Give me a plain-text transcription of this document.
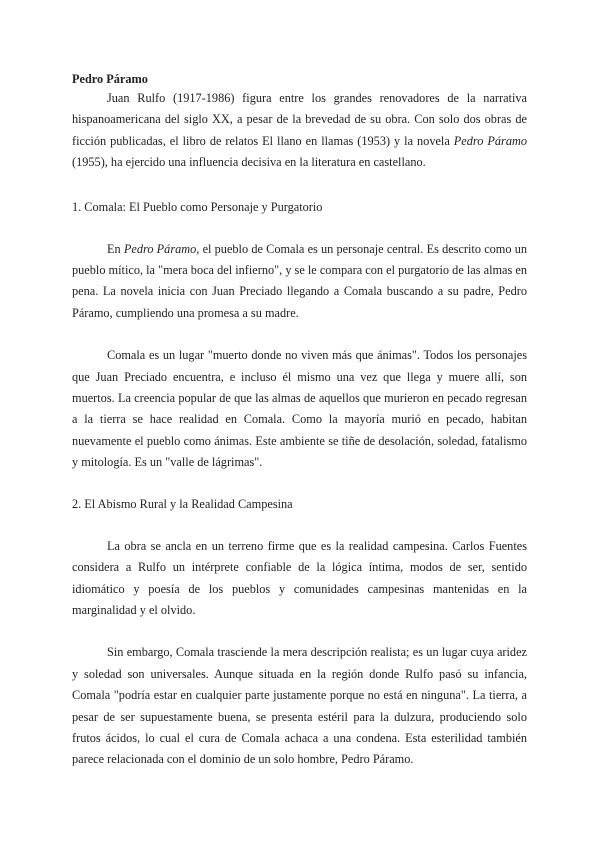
Pedro Páramo

Juan Rulfo (1917-1986) figura entre los grandes renovadores de la narrativa hispanoamericana del siglo XX, a pesar de la brevedad de su obra. Con solo dos obras de ficción publicadas, el libro de relatos El llano en llamas (1953) y la novela Pedro Páramo (1955), ha ejercido una influencia decisiva en la literatura en castellano.

1. Comala: El Pueblo como Personaje y Purgatorio

En Pedro Páramo, el pueblo de Comala es un personaje central. Es descrito como un pueblo mítico, la "mera boca del infierno", y se le compara con el purgatorio de las almas en pena. La novela inicia con Juan Preciado llegando a Comala buscando a su padre, Pedro Páramo, cumpliendo una promesa a su madre.

Comala es un lugar "muerto donde no viven más que ánimas". Todos los personajes que Juan Preciado encuentra, e incluso él mismo una vez que llega y muere allí, son muertos. La creencia popular de que las almas de aquellos que murieron en pecado regresan a la tierra se hace realidad en Comala. Como la mayoría murió en pecado, habitan nuevamente el pueblo como ánimas. Este ambiente se tiñe de desolación, soledad, fatalismo y mitología. Es un "valle de lágrimas".

2. El Abismo Rural y la Realidad Campesina

La obra se ancla en un terreno firme que es la realidad campesina. Carlos Fuentes considera a Rulfo un intérprete confiable de la lógica íntima, modos de ser, sentido idiomático y poesía de los pueblos y comunidades campesinas mantenidas en la marginalidad y el olvido.

Sin embargo, Comala trasciende la mera descripción realista; es un lugar cuya aridez y soledad son universales. Aunque situada en la región donde Rulfo pasó su infancia, Comala "podría estar en cualquier parte justamente porque no está en ninguna". La tierra, a pesar de ser supuestamente buena, se presenta estéril para la dulzura, produciendo solo frutos ácidos, lo cual el cura de Comala achaca a una condena. Esta esterilidad también parece relacionada con el dominio de un solo hombre, Pedro Páramo.
